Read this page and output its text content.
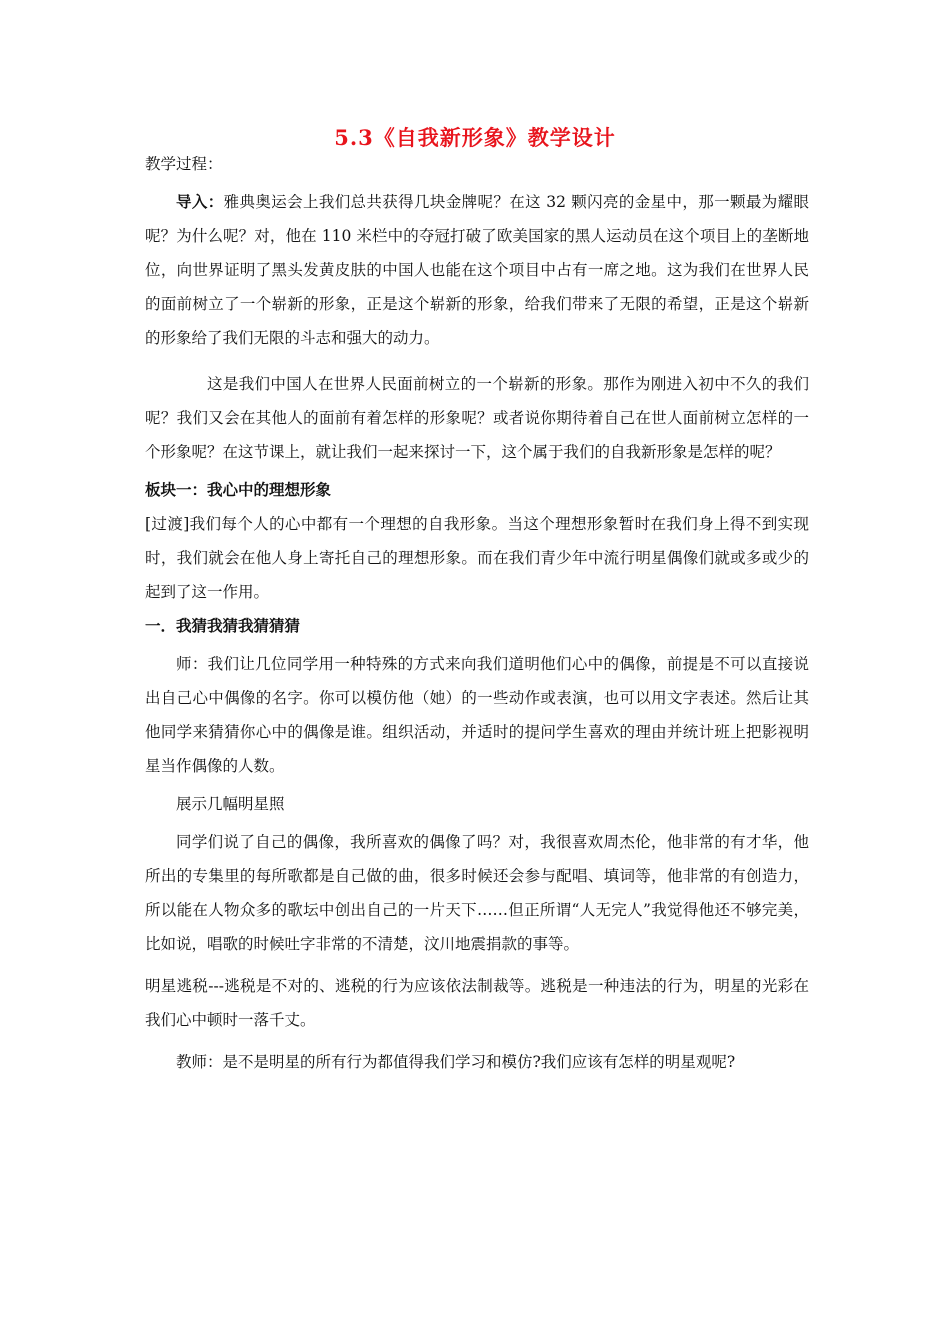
5.3《自我新形象》教学设计

教学过程：

导入：雅典奥运会上我们总共获得几块金牌呢？在这 32 颗闪亮的金星中，那一颗最为耀眼呢？为什么呢？对，他在 110 米栏中的夺冠打破了欧美国家的黑人运动员在这个项目上的垄断地位，向世界证明了黑头发黄皮肤的中国人也能在这个项目中占有一席之地。这为我们在世界人民的面前树立了一个崭新的形象，正是这个崭新的形象，给我们带来了无限的希望，正是这个崭新的形象给了我们无限的斗志和强大的动力。

这是我们中国人在世界人民面前树立的一个崭新的形象。那作为刚进入初中不久的我们呢？我们又会在其他人的面前有着怎样的形象呢？或者说你期待着自己在世人面前树立怎样的一个形象呢？在这节课上，就让我们一起来探讨一下，这个属于我们的自我新形象是怎样的呢？

板块一：我心中的理想形象

[过渡]我们每个人的心中都有一个理想的自我形象。当这个理想形象暂时在我们身上得不到实现时，我们就会在他人身上寄托自己的理想形象。而在我们青少年中流行明星偶像们就或多或少的起到了这一作用。

一．我猜我猜我猜猜猜

师：我们让几位同学用一种特殊的方式来向我们道明他们心中的偶像，前提是不可以直接说出自己心中偶像的名字。你可以模仿他（她）的一些动作或表演，也可以用文字表述。然后让其他同学来猜猜你心中的偶像是谁。组织活动，并适时的提问学生喜欢的理由并统计班上把影视明星当作偶像的人数。

展示几幅明星照

同学们说了自己的偶像，我所喜欢的偶像了吗？对，我很喜欢周杰伦，他非常的有才华，他所出的专集里的每所歌都是自己做的曲，很多时候还会参与配唱、填词等，他非常的有创造力，所以能在人物众多的歌坛中创出自己的一片天下……但正所谓“人无完人”我觉得他还不够完美，比如说，唱歌的时候吐字非常的不清楚，汶川地震捐款的事等。

明星逃税---逃税是不对的、逃税的行为应该依法制裁等。逃税是一种违法的行为，明星的光彩在我们心中顿时一落千丈。

教师：是不是明星的所有行为都值得我们学习和模仿?我们应该有怎样的明星观呢?
